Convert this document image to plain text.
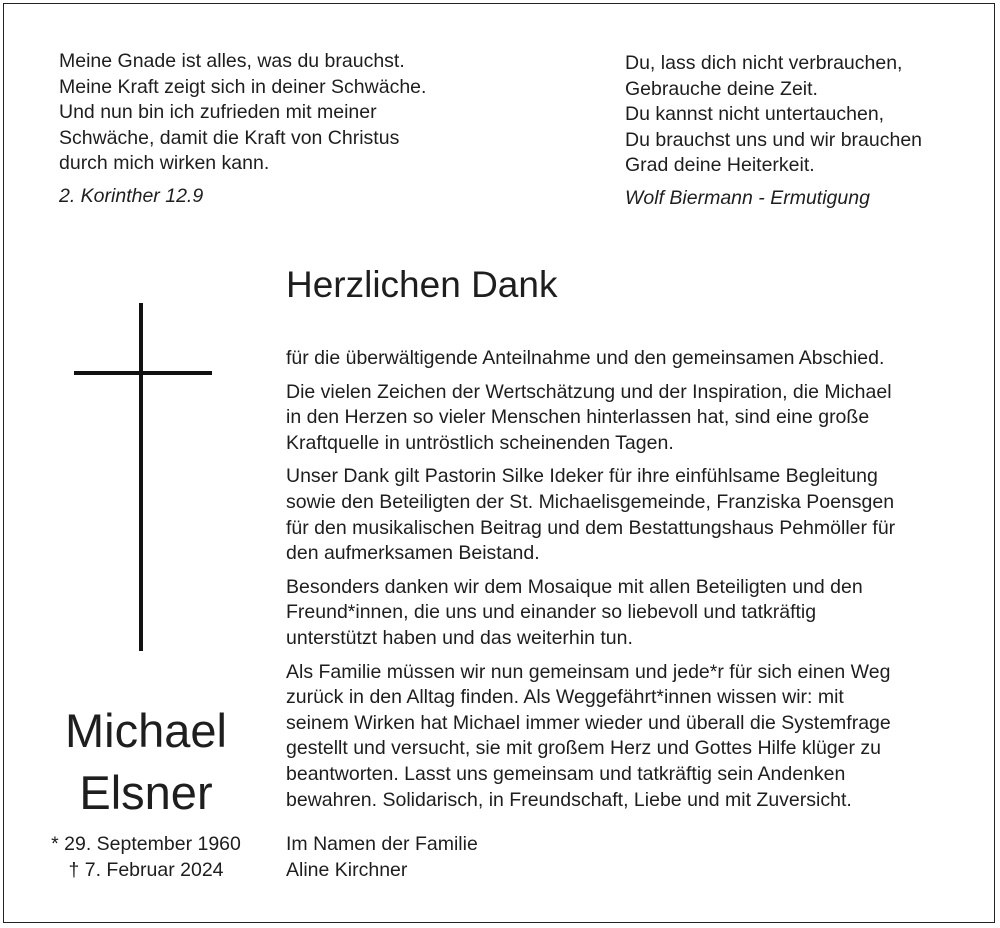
Meine Gnade ist alles, was du brauchst.

Meine Kraft zeigt sich in deiner Schwäche.

Und nun bin ich zufrieden mit meiner

Schwäche, damit die Kraft von Christus

durch mich wirken kann.

2. Korinther 12.9

Du, lass dich nicht verbrauchen,

Gebrauche deine Zeit.

Du kannst nicht untertauchen,

Du brauchst uns und wir brauchen

Grad deine Heiterkeit.

Wolf Biermann - Ermutigung
Herzlichen Dank

für die überwältigende Anteilnahme und den gemeinsamen Abschied.

Die vielen Zeichen der Wertschätzung und der Inspiration, die Michael
in den Herzen so vieler Menschen hinterlassen hat, sind eine große
Kraftquelle in untröstlich scheinenden Tagen.

Unser Dank gilt Pastorin Silke Ideker für ihre einfühlsame Begleitung
sowie den Beteiligten der St. Michaelisgemeinde, Franziska Poensgen
für den musikalischen Beitrag und dem Bestattungshaus Pehmöller für
den aufmerksamen Beistand.

Besonders danken wir dem Mosaique mit allen Beteiligten und den
Freund*innen, die uns und einander so liebevoll und tatkräftig
unterstützt haben und das weiterhin tun.

Als Familie müssen wir nun gemeinsam und jede*r für sich einen Weg
zurück in den Alltag finden. Als Weggefährt*innen wissen wir: mit
seinem Wirken hat Michael immer wieder und überall die Systemfrage
gestellt und versucht, sie mit großem Herz und Gottes Hilfe klüger zu
beantworten. Lasst uns gemeinsam und tatkräftig sein Andenken
bewahren. Solidarisch, in Freundschaft, Liebe und mit Zuversicht.

Michael
Elsner
* 29. September 1960
† 7. Februar 2024
Im Namen der Familie
Aline Kirchner
